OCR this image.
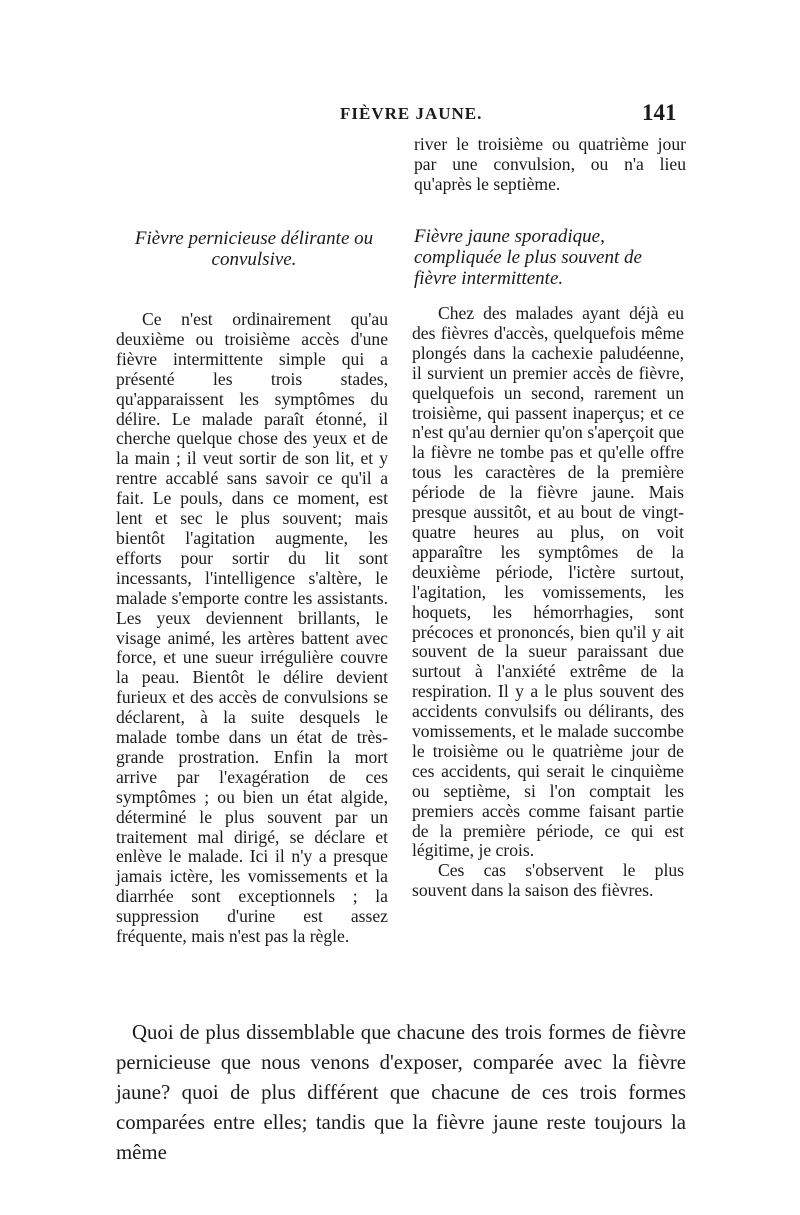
FIÈVRE JAUNE.	141

river le troisième ou quatrième jour par une convulsion, ou n'a lieu qu'après le septième.

Fièvre pernicieuse délirante ou convulsive.
Fièvre jaune sporadique, compliquée le plus souvent de fièvre intermittente.

Ce n'est ordinairement qu'au deuxième ou troisième accès d'une fièvre intermittente simple qui a présenté les trois stades, qu'apparaissent les symptômes du délire. Le malade paraît étonné, il cherche quelque chose des yeux et de la main ; il veut sortir de son lit, et y rentre accablé sans savoir ce qu'il a fait. Le pouls, dans ce moment, est lent et sec le plus souvent; mais bientôt l'agitation augmente, les efforts pour sortir du lit sont incessants, l'intelligence s'altère, le malade s'emporte contre les assistants. Les yeux deviennent brillants, le visage animé, les artères battent avec force, et une sueur irrégulière couvre la peau. Bientôt le délire devient furieux et des accès de convulsions se déclarent, à la suite desquels le malade tombe dans un état de très-grande prostration. Enfin la mort arrive par l'exagération de ces symptômes ; ou bien un état algide, déterminé le plus souvent par un traitement mal dirigé, se déclare et enlève le malade. Ici il n'y a presque jamais ictère, les vomissements et la diarrhée sont exceptionnels ; la suppression d'urine est assez fréquente, mais n'est pas la règle.

Chez des malades ayant déjà eu des fièvres d'accès, quelquefois même plongés dans la cachexie paludéenne, il survient un premier accès de fièvre, quelquefois un second, rarement un troisième, qui passent inaperçus; et ce n'est qu'au dernier qu'on s'aperçoit que la fièvre ne tombe pas et qu'elle offre tous les caractères de la première période de la fièvre jaune. Mais presque aussitôt, et au bout de vingt-quatre heures au plus, on voit apparaître les symptômes de la deuxième période, l'ictère surtout, l'agitation, les vomissements, les hoquets, les hémorrhagies, sont précoces et prononcés, bien qu'il y ait souvent de la sueur paraissant due surtout à l'anxiété extrême de la respiration. Il y a le plus souvent des accidents convulsifs ou délirants, des vomissements, et le malade succombe le troisième ou le quatrième jour de ces accidents, qui serait le cinquième ou septième, si l'on comptait les premiers accès comme faisant partie de la première période, ce qui est légitime, je crois.

Ces cas s'observent le plus souvent dans la saison des fièvres.

Quoi de plus dissemblable que chacune des trois formes de fièvre pernicieuse que nous venons d'exposer, comparée avec la fièvre jaune? quoi de plus différent que chacune de ces trois formes comparées entre elles; tandis que la fièvre jaune reste toujours la même
